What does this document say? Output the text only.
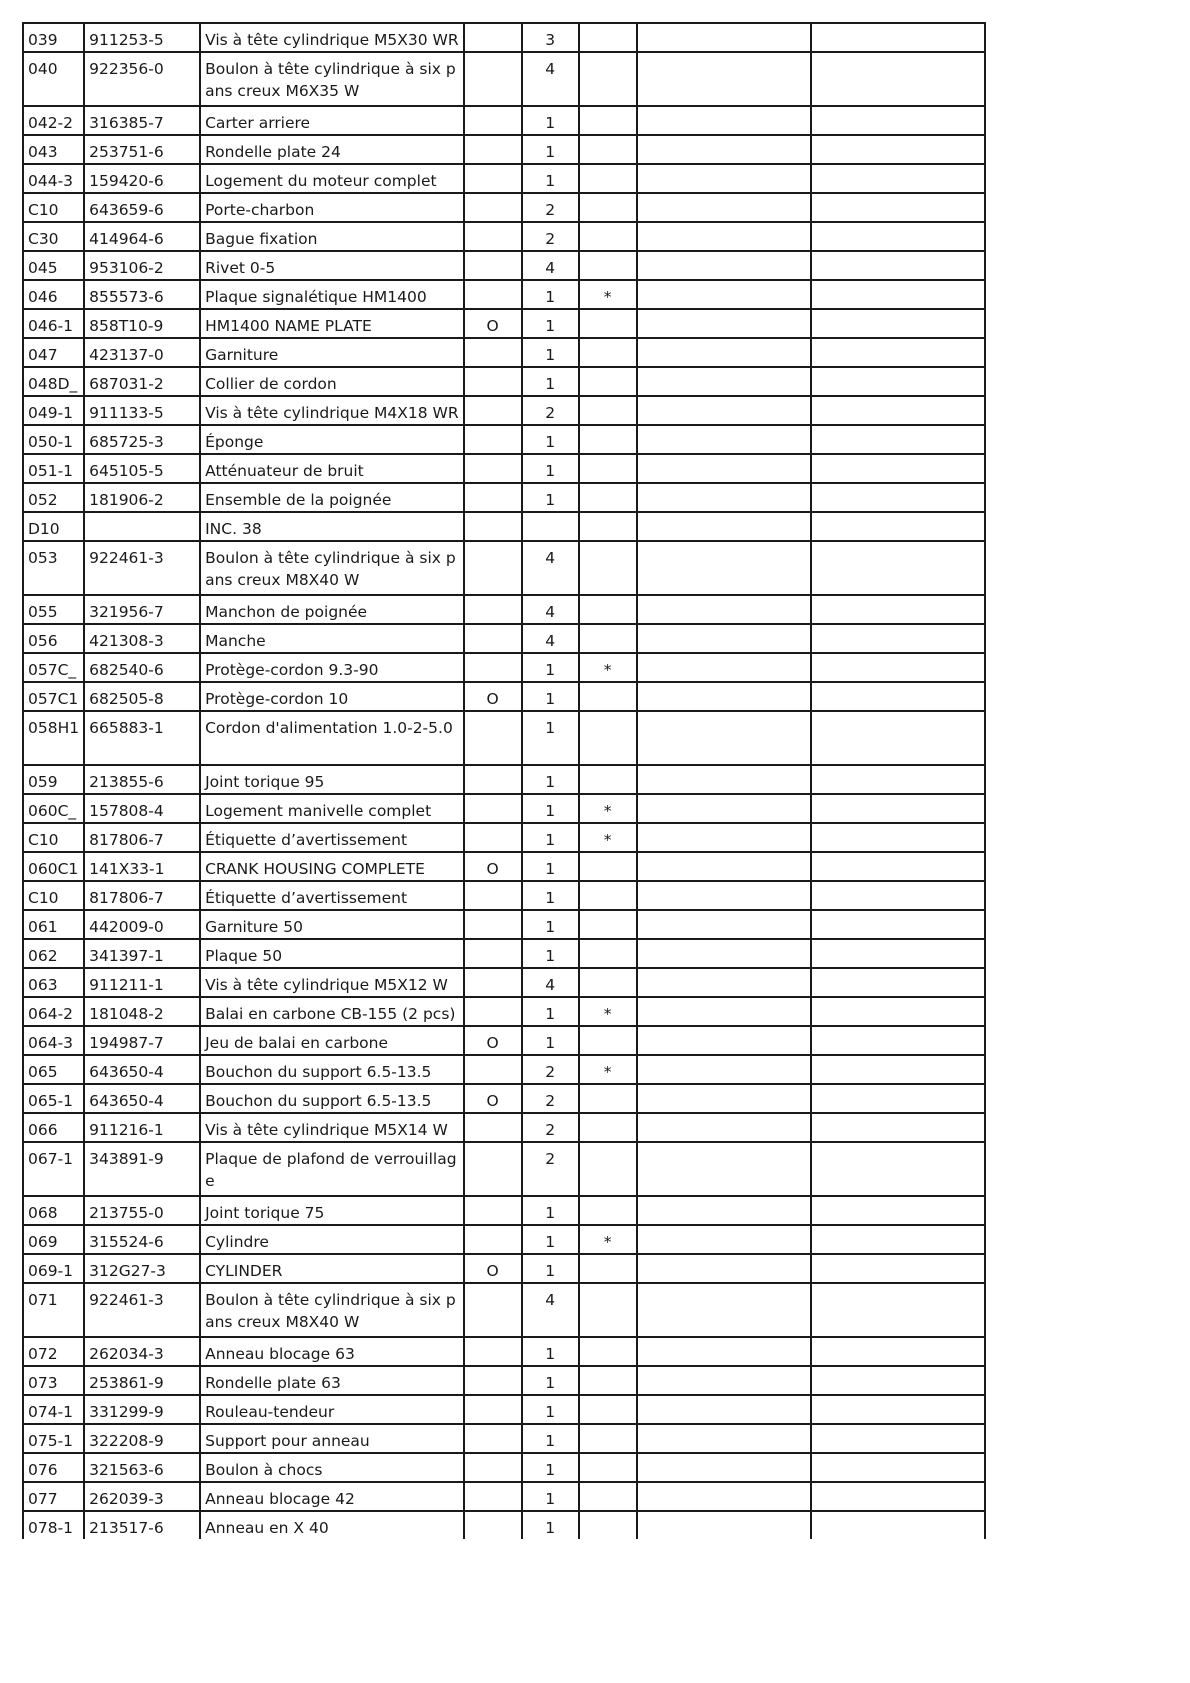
039	911253-5	Vis à tête cylindrique M5X30 WR		3			
040	922356-0	Boulon à tête cylindrique à six pans creux M6X35 W		4			
042-2	316385-7	Carter arriere		1			
043	253751-6	Rondelle plate 24		1			
044-3	159420-6	Logement du moteur complet		1			
C10	643659-6	Porte-charbon		2			
C30	414964-6	Bague fixation		2			
045	953106-2	Rivet 0-5		4			
046	855573-6	Plaque signalétique HM1400		1	*		
046-1	858T10-9	HM1400 NAME PLATE	O	1			
047	423137-0	Garniture		1			
048D_	687031-2	Collier de cordon		1			
049-1	911133-5	Vis à tête cylindrique M4X18 WR		2			
050-1	685725-3	Éponge		1			
051-1	645105-5	Atténuateur de bruit		1			
052	181906-2	Ensemble de la poignée		1			
D10		INC. 38					
053	922461-3	Boulon à tête cylindrique à six pans creux M8X40 W		4			
055	321956-7	Manchon de poignée		4			
056	421308-3	Manche		4			
057C_	682540-6	Protège-cordon 9.3-90		1	*		
057C1	682505-8	Protège-cordon 10	O	1			
058H1	665883-1	Cordon d'alimentation 1.0-2-5.0		1			
059	213855-6	Joint torique 95		1			
060C_	157808-4	Logement manivelle complet		1	*		
C10	817806-7	Étiquette d’avertissement		1	*		
060C1	141X33-1	CRANK HOUSING COMPLETE	O	1			
C10	817806-7	Étiquette d’avertissement		1			
061	442009-0	Garniture 50		1			
062	341397-1	Plaque 50		1			
063	911211-1	Vis à tête cylindrique M5X12 W		4			
064-2	181048-2	Balai en carbone CB-155 (2 pcs)		1	*		
064-3	194987-7	Jeu de balai en carbone	O	1			
065	643650-4	Bouchon du support 6.5-13.5		2	*		
065-1	643650-4	Bouchon du support 6.5-13.5	O	2			
066	911216-1	Vis à tête cylindrique M5X14 W		2			
067-1	343891-9	Plaque de plafond de verrouillage		2			
068	213755-0	Joint torique 75		1			
069	315524-6	Cylindre		1	*		
069-1	312G27-3	CYLINDER	O	1			
071	922461-3	Boulon à tête cylindrique à six pans creux M8X40 W		4			
072	262034-3	Anneau blocage 63		1			
073	253861-9	Rondelle plate 63		1			
074-1	331299-9	Rouleau-tendeur		1			
075-1	322208-9	Support pour anneau		1			
076	321563-6	Boulon à chocs		1			
077	262039-3	Anneau blocage 42		1			
078-1	213517-6	Anneau en X 40		1			
